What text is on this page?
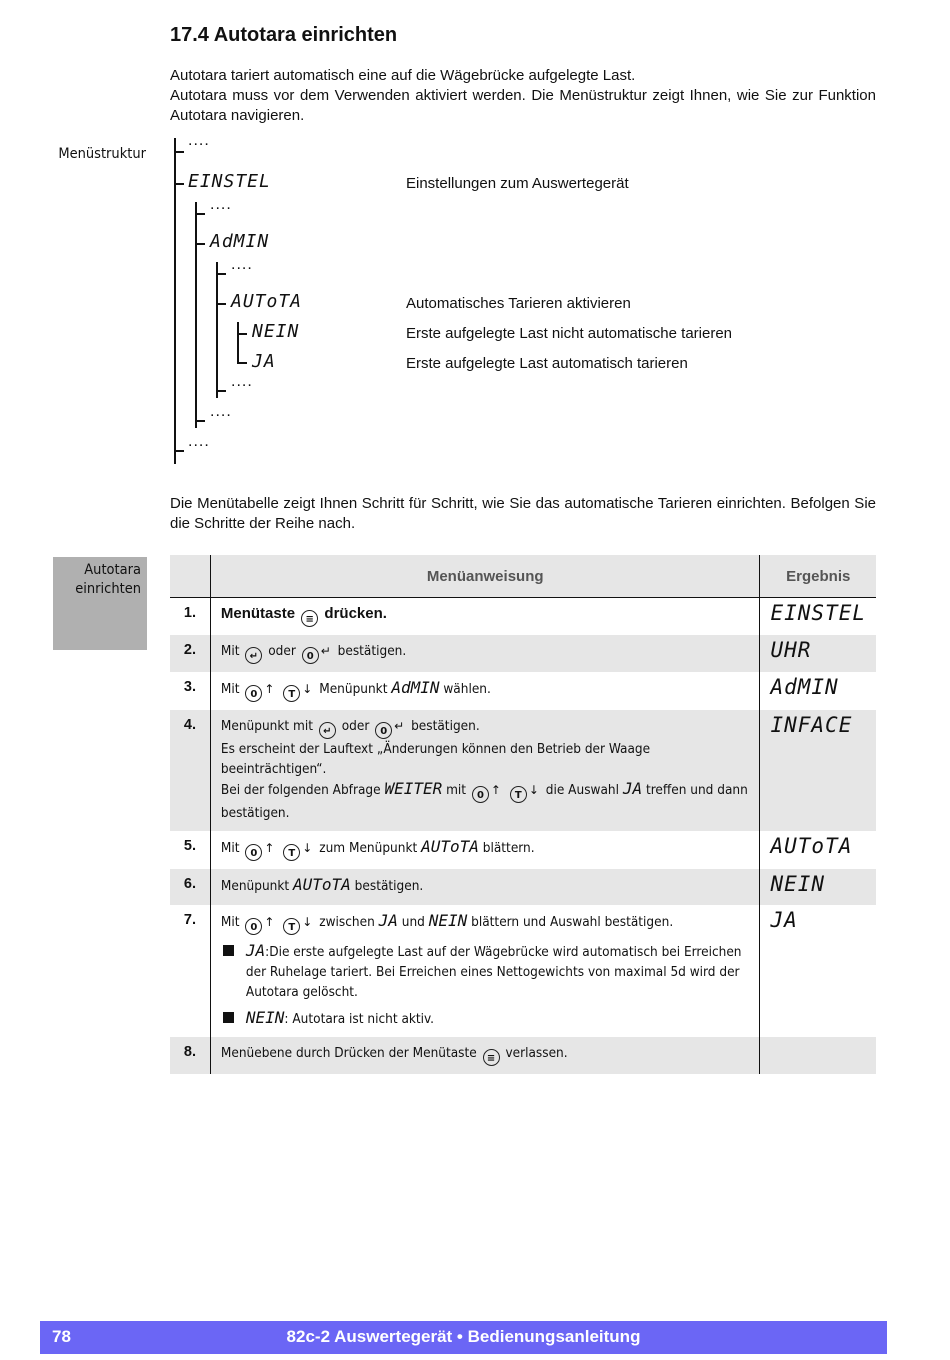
17.4 Autotara einrichten

Autotara tariert automatisch eine auf die Wägebrücke aufgelegte Last.

Autotara muss vor dem Verwenden aktiviert werden. Die Menüstruktur zeigt Ihnen, wie Sie zur Funktion Autotara navigieren.

Menüstruktur
....
EINSTEL	Einstellungen zum Auswertegerät
....
AdMIN
....
AUToTA	Automatisches Tarieren aktivieren
NEIN	Erste aufgelegte Last nicht automatische tarieren
JA	Erste aufgelegte Last automatisch tarieren
....
....
....
Die Menütabelle zeigt Ihnen Schritt für Schritt, wie Sie das automatische Tarieren einrichten. Befolgen Sie die Schritte der Reihe nach.
Autotara einrichten
	Menüanweisung	Ergebnis
1.	Menütaste ≡ drücken.	EINSTEL
2.	Mit ↵ oder 0 ↵ bestätigen.	UHR
3.	Mit 0 ↑ T ↓ Menüpunkt AdMIN wählen.	AdMIN
4.	Menüpunkt mit ↵ oder 0 ↵ bestätigen.
Es erscheint der Lauftext „Änderungen können den Betrieb der Waage beeinträchtigen“.
Bei der folgenden Abfrage WEITER mit 0 ↑ T ↓ die Auswahl JA treffen und dann bestätigen.	INFACE
5.	Mit 0 ↑ T ↓ zum Menüpunkt AUToTA blättern.	AUToTA
6.	Menüpunkt AUToTA bestätigen.	NEIN
7.	Mit 0 ↑ T ↓ zwischen JA und NEIN blättern und Auswahl bestätigen.
JA:Die erste aufgelegte Last auf der Wägebrücke wird automatisch bei Erreichen der Ruhelage tariert. Bei Erreichen eines Nettogewichts von maximal 5d wird der Autotara gelöscht.
NEIN: Autotara ist nicht aktiv.	JA
8.	Menüebene durch Drücken der Menütaste ≡ verlassen.	
78	82c-2 Auswertegerät • Bedienungsanleitung
